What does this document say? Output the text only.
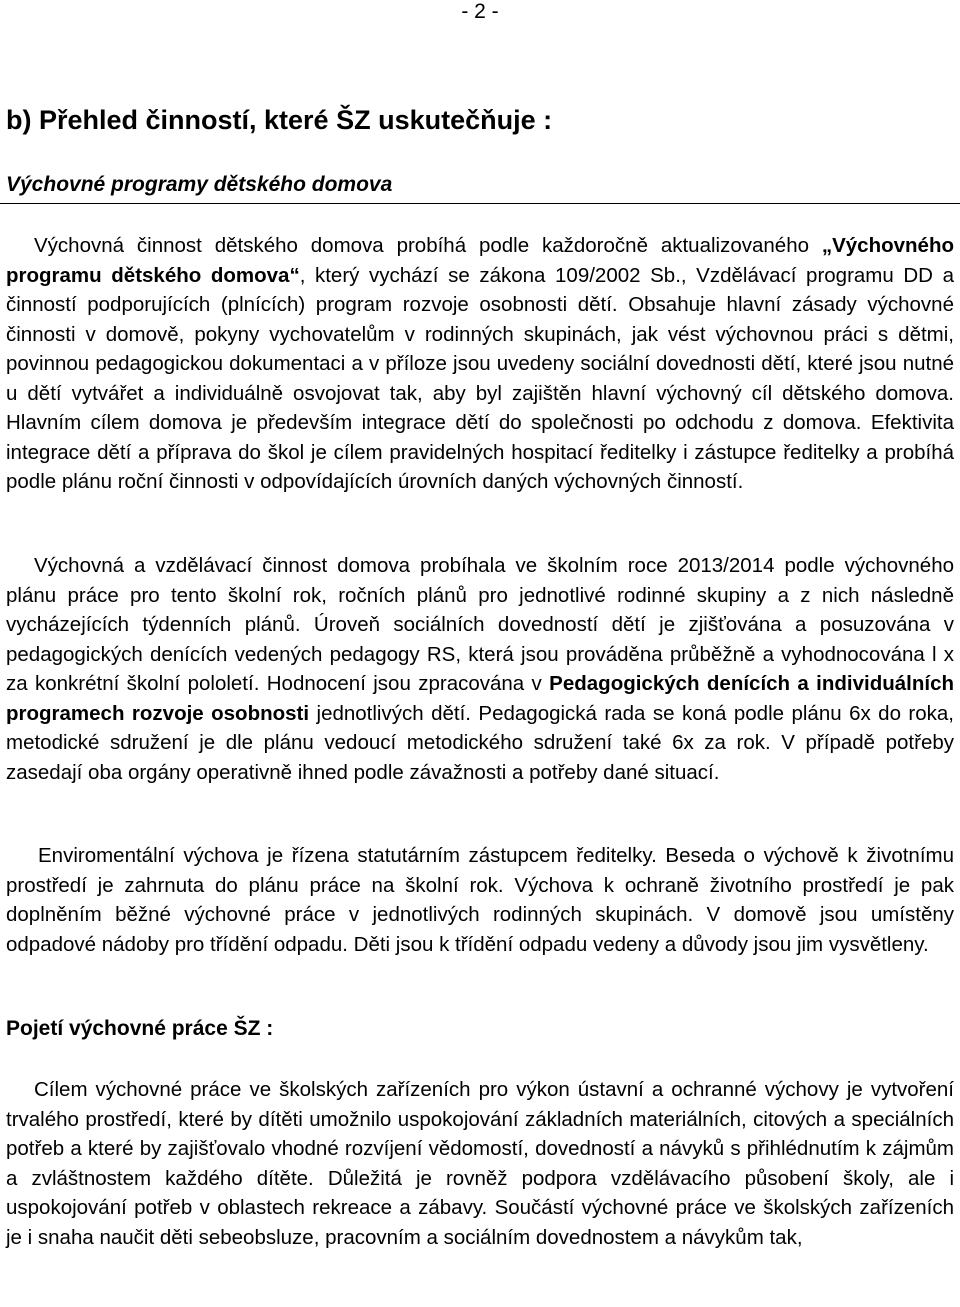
- 2 -
b) Přehled činností, které ŠZ uskutečňuje :
Výchovné programy dětského domova

Výchovná činnost dětského domova probíhá podle každoročně aktualizovaného „Výchovného programu dětského domova“, který vychází se zákona 109/2002 Sb., Vzdělávací programu DD a činností podporujících (plnících) program rozvoje osobnosti dětí. Obsahuje hlavní zásady výchovné činnosti v domově, pokyny vychovatelům v rodinných skupinách, jak vést výchovnou práci s dětmi, povinnou pedagogickou dokumentaci a v příloze jsou uvedeny sociální dovednosti dětí, které jsou nutné u dětí vytvářet a individuálně osvojovat tak, aby byl zajištěn hlavní výchovný cíl dětského domova. Hlavním cílem domova je především integrace dětí do společnosti po odchodu z domova. Efektivita integrace dětí a příprava do škol je cílem pravidelných hospitací ředitelky i zástupce ředitelky a probíhá podle plánu roční činnosti v odpovídajících úrovních daných výchovných činností.

Výchovná a vzdělávací činnost domova probíhala ve školním roce 2013/2014 podle výchovného plánu práce pro tento školní rok, ročních plánů pro jednotlivé rodinné skupiny a z nich následně vycházejících týdenních plánů. Úroveň sociálních dovedností dětí je zjišťována a posuzována v pedagogických denících vedených pedagogy RS, která jsou prováděna průběžně a vyhodnocována l x za konkrétní školní pololetí. Hodnocení jsou zpracována v Pedagogických denících a individuálních programech rozvoje osobnosti jednotlivých dětí. Pedagogická rada se koná podle plánu 6x do roka, metodické sdružení je dle plánu vedoucí metodického sdružení také 6x za rok. V případě potřeby zasedají oba orgány operativně ihned podle závažnosti a potřeby dané situací.

Enviromentální výchova je řízena statutárním zástupcem ředitelky. Beseda o výchově k životnímu prostředí je zahrnuta do plánu práce na školní rok. Výchova k ochraně životního prostředí je pak doplněním běžné výchovné práce v jednotlivých rodinných skupinách. V domově jsou umístěny odpadové nádoby pro třídění odpadu. Děti jsou k třídění odpadu vedeny a důvody jsou jim vysvětleny.

Pojetí výchovné práce ŠZ :

Cílem výchovné práce ve školských zařízeních pro výkon ústavní a ochranné výchovy je vytvoření trvalého prostředí, které by dítěti umožnilo uspokojování základních materiálních, citových a speciálních potřeb a které by zajišťovalo vhodné rozvíjení vědomostí, dovedností a návyků s přihlédnutím k zájmům a zvláštnostem každého dítěte. Důležitá je rovněž podpora vzdělávacího působení školy, ale i uspokojování potřeb v oblastech rekreace a zábavy. Součástí výchovné práce ve školských zařízeních je i snaha naučit děti sebeobsluze, pracovním a sociálním dovednostem a návykům tak,
